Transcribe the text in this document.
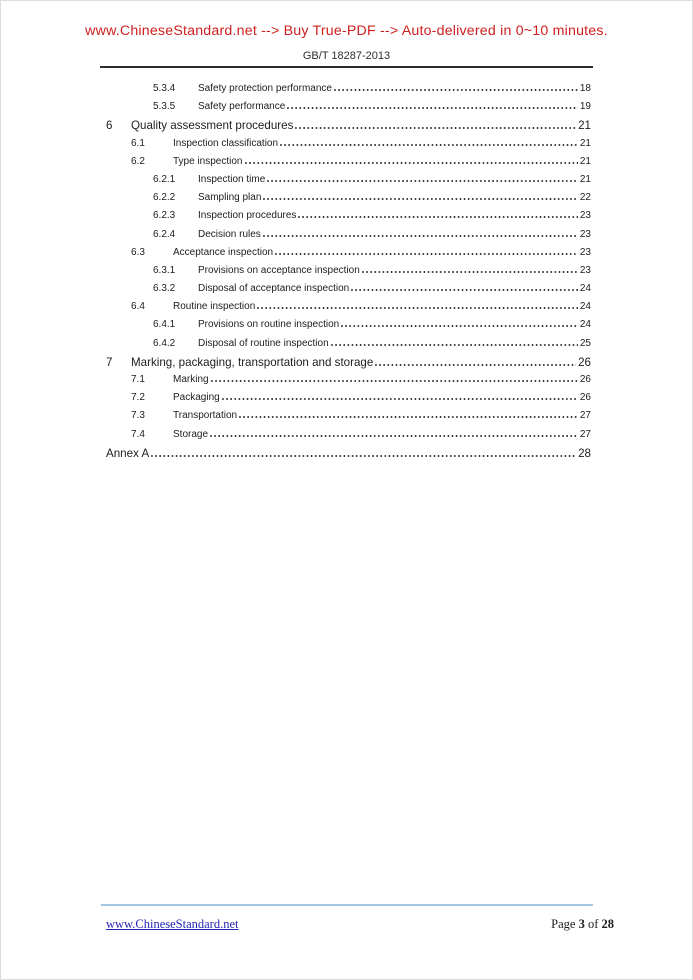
www.ChineseStandard.net --> Buy True-PDF --> Auto-delivered in 0~10 minutes.
GB/T 18287-2013
5.3.4	Safety protection performance	18
5.3.5	Safety performance	19
6	Quality assessment procedures	21
6.1	Inspection classification	21
6.2	Type inspection	21
6.2.1	Inspection time	21
6.2.2	Sampling plan	22
6.2.3	Inspection procedures	23
6.2.4	Decision rules	23
6.3	Acceptance inspection	23
6.3.1	Provisions on acceptance inspection	23
6.3.2	Disposal of acceptance inspection	24
6.4	Routine inspection	24
6.4.1	Provisions on routine inspection	24
6.4.2	Disposal of routine inspection	25
7	Marking, packaging, transportation and storage	26
7.1	Marking	26
7.2	Packaging	26
7.3	Transportation	27
7.4	Storage	27
Annex A	28
www.ChineseStandard.net	Page 3 of 28
